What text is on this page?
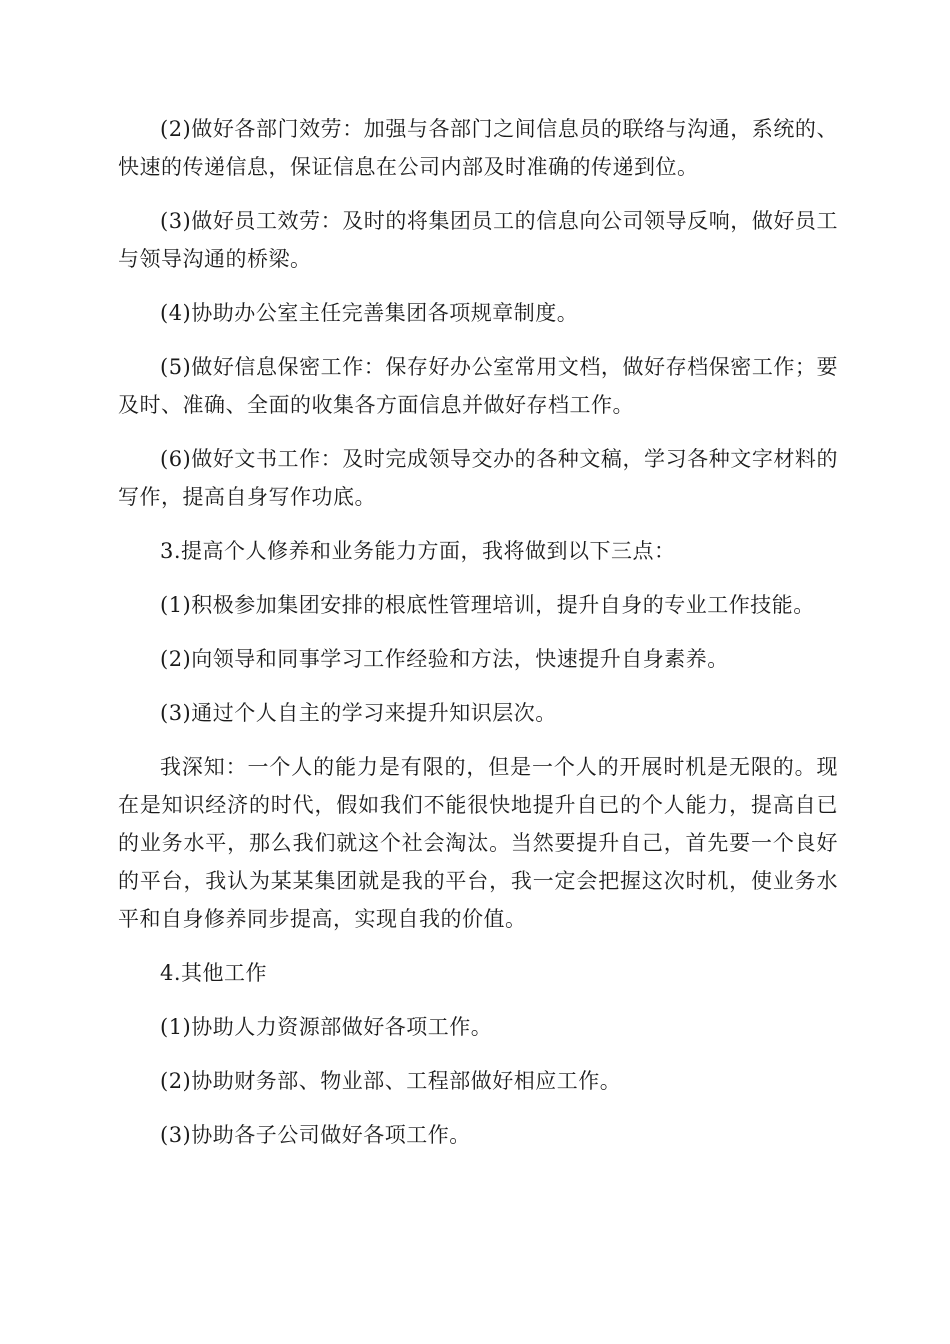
(2)做好各部门效劳：加强与各部门之间信息员的联络与沟通，系统的、快速的传递信息，保证信息在公司内部及时准确的传递到位。

(3)做好员工效劳：及时的将集团员工的信息向公司领导反响，做好员工与领导沟通的桥梁。

(4)协助办公室主任完善集团各项规章制度。

(5)做好信息保密工作：保存好办公室常用文档，做好存档保密工作；要及时、准确、全面的收集各方面信息并做好存档工作。

(6)做好文书工作：及时完成领导交办的各种文稿，学习各种文字材料的写作，提高自身写作功底。

3.提高个人修养和业务能力方面，我将做到以下三点：

(1)积极参加集团安排的根底性管理培训，提升自身的专业工作技能。

(2)向领导和同事学习工作经验和方法，快速提升自身素养。

(3)通过个人自主的学习来提升知识层次。

我深知：一个人的能力是有限的，但是一个人的开展时机是无限的。现在是知识经济的时代，假如我们不能很快地提升自已的个人能力，提高自已的业务水平，那么我们就这个社会淘汰。当然要提升自己，首先要一个良好的平台，我认为某某集团就是我的平台，我一定会把握这次时机，使业务水平和自身修养同步提高，实现自我的价值。

4.其他工作

(1)协助人力资源部做好各项工作。

(2)协助财务部、物业部、工程部做好相应工作。

(3)协助各子公司做好各项工作。
